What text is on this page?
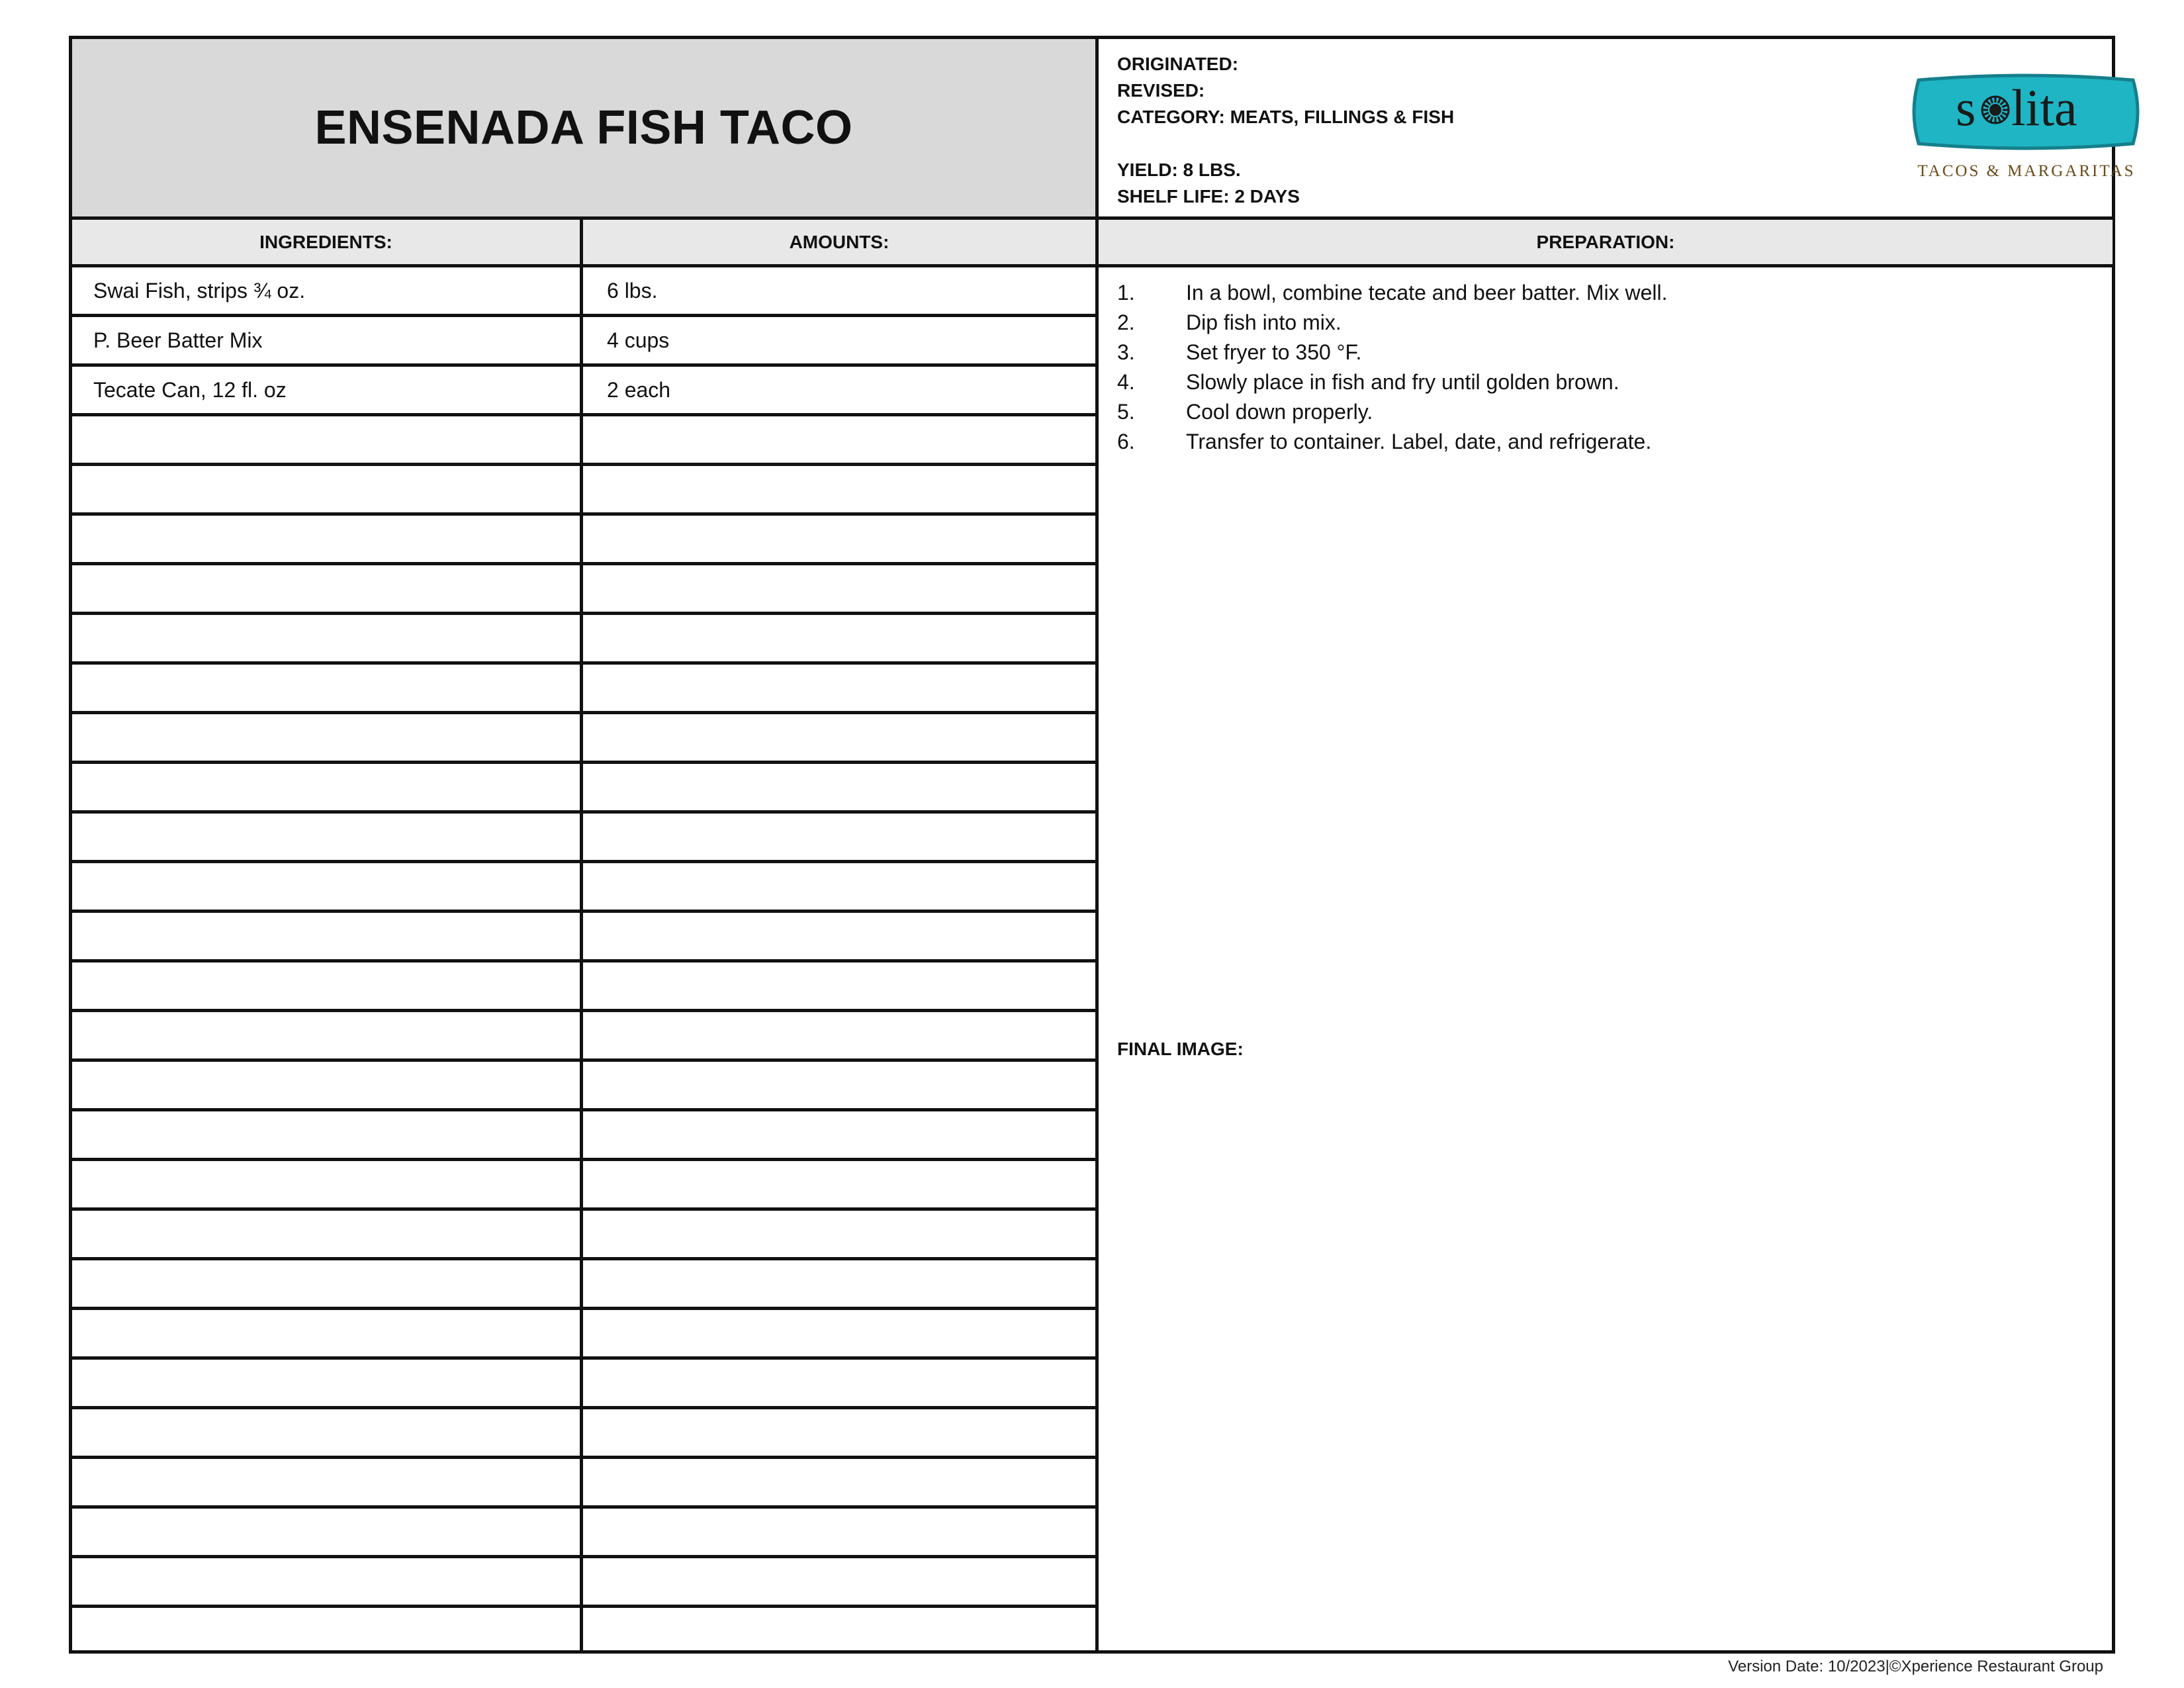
ENSENADA FISH TACO
ORIGINATED:
REVISED:
CATEGORY: MEATS, FILLINGS & FISH
YIELD: 8 LBS.
SHELF LIFE: 2 DAYS
s lita
TACOS & MARGARITAS
INGREDIENTS:	AMOUNTS:	PREPARATION:
Swai Fish, strips ¾ oz.	6 lbs.
P. Beer Batter Mix	4 cups
Tecate Can, 12 fl. oz	2 each
1. In a bowl, combine tecate and beer batter. Mix well.
2. Dip fish into mix.
3. Set fryer to 350 °F.
4. Slowly place in fish and fry until golden brown.
5. Cool down properly.
6. Transfer to container. Label, date, and refrigerate.
FINAL IMAGE:
Version Date: 10/2023|©Xperience Restaurant Group
